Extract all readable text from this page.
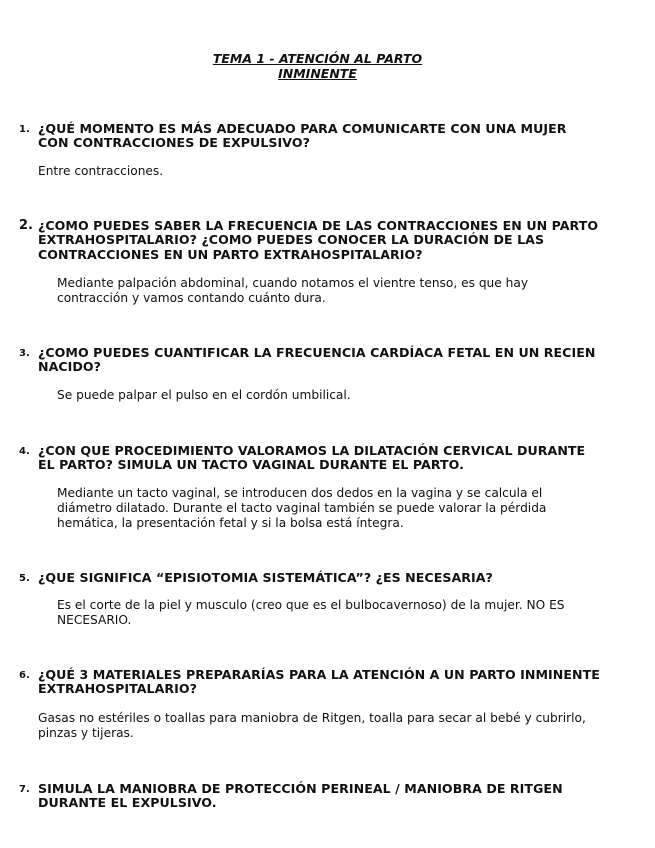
TEMA 1 - ATENCIÓN AL PARTO
INMINENTE
1. ¿QUÉ MOMENTO ES MÁS ADECUADO PARA COMUNICARTE CON UNA MUJER
CON CONTRACCIONES DE EXPULSIVO?
Entre contracciones.
2. ¿COMO PUEDES SABER LA FRECUENCIA DE LAS CONTRACCIONES EN UN PARTO
EXTRAHOSPITALARIO? ¿COMO PUEDES CONOCER LA DURACIÓN DE LAS
CONTRACCIONES EN UN PARTO EXTRAHOSPITALARIO?
Mediante palpación abdominal, cuando notamos el vientre tenso, es que hay
contracción y vamos contando cuánto dura.
3. ¿COMO PUEDES CUANTIFICAR LA FRECUENCIA CARDÍACA FETAL EN UN RECIEN
NACIDO?
Se puede palpar el pulso en el cordón umbilical.
4. ¿CON QUE PROCEDIMIENTO VALORAMOS LA DILATACIÓN CERVICAL DURANTE
EL PARTO? SIMULA UN TACTO VAGINAL DURANTE EL PARTO.
Mediante un tacto vaginal, se introducen dos dedos en la vagina y se calcula el
diámetro dilatado. Durante el tacto vaginal también se puede valorar la pérdida
hemática, la presentación fetal y si la bolsa está íntegra.
5. ¿QUE SIGNIFICA “EPISIOTOMIA SISTEMÁTICA”? ¿ES NECESARIA?
Es el corte de la piel y musculo (creo que es el bulbocavernoso) de la mujer. NO ES
NECESARIO.
6. ¿QUÉ 3 MATERIALES PREPARARÍAS PARA LA ATENCIÓN A UN PARTO INMINENTE
EXTRAHOSPITALARIO?
Gasas no estériles o toallas para maniobra de Ritgen, toalla para secar al bebé y cubrirlo,
pinzas y tijeras.
7. SIMULA LA MANIOBRA DE PROTECCIÓN PERINEAL / MANIOBRA DE RITGEN
DURANTE EL EXPULSIVO.
